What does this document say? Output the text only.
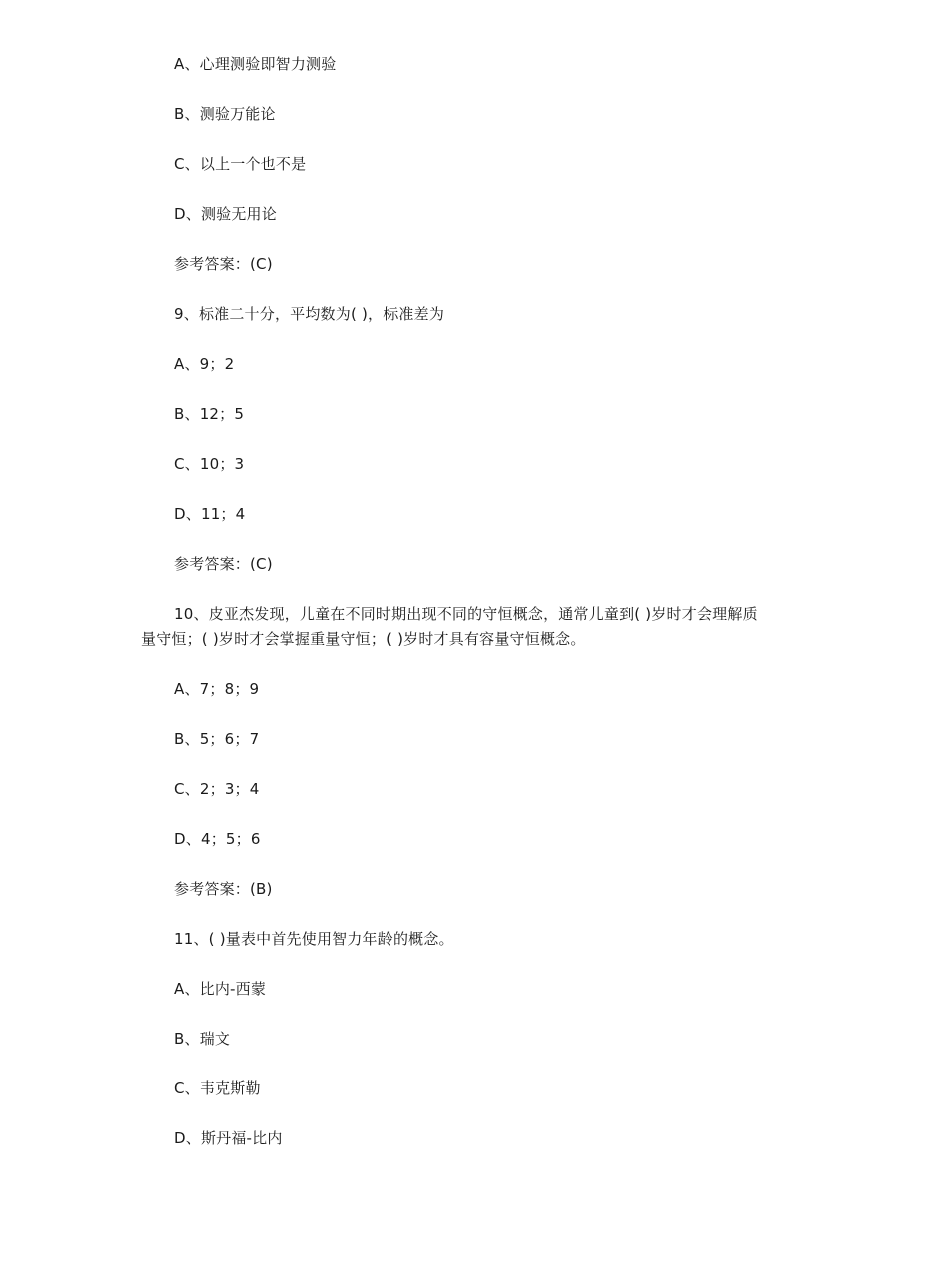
A、心理测验即智力测验
B、测验万能论
C、以上一个也不是
D、测验无用论
参考答案：(C)
9、标准二十分，平均数为( )，标准差为
A、9；2
B、12；5
C、10；3
D、11；4
参考答案：(C)
10、皮亚杰发现，儿童在不同时期出现不同的守恒概念，通常儿童到( )岁时才会理解质
量守恒；( )岁时才会掌握重量守恒；( )岁时才具有容量守恒概念。
A、7；8；9
B、5；6；7
C、2；3；4
D、4；5；6
参考答案：(B)
11、( )量表中首先使用智力年龄的概念。
A、比内-西蒙
B、瑞文
C、韦克斯勒
D、斯丹福-比内
